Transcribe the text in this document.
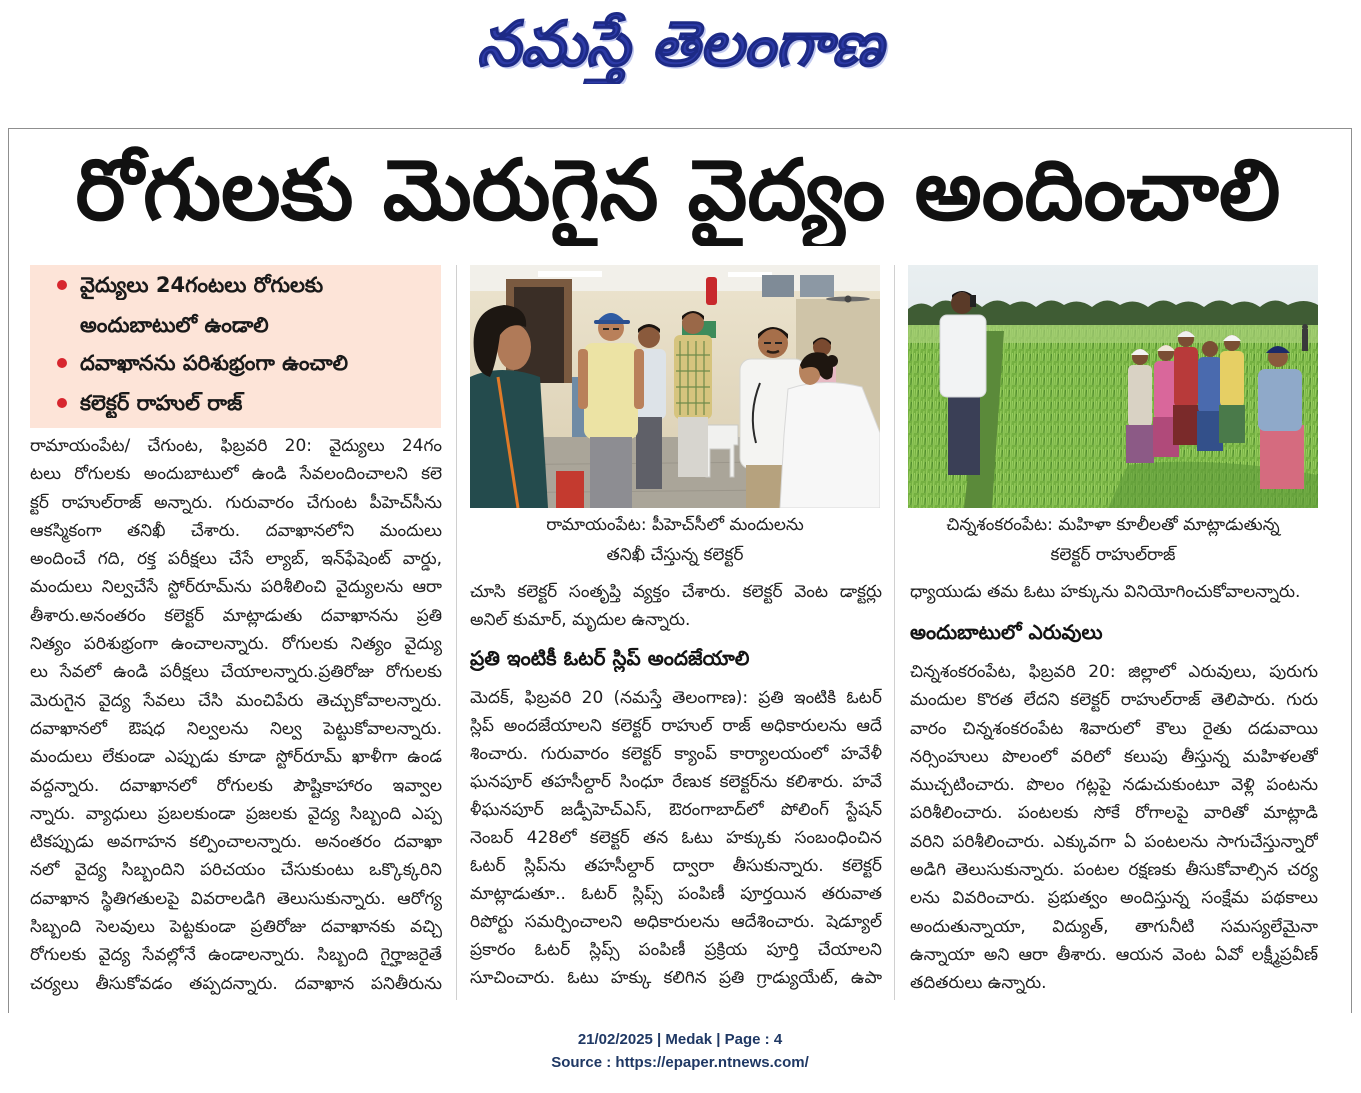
నమస్తే తెలంగాణ
రోగులకు మెరుగైన వైద్యం అందించాలి
వైద్యులు 24గంటలు రోగులకు
అందుబాటులో ఉండాలి
దవాఖానను పరిశుభ్రంగా ఉంచాలి
కలెక్టర్ రాహుల్ రాజ్
రామాయంపేట/ చేగుంట, ఫిబ్రవరి 20: వైద్యులు 24గం
టలు రోగులకు అందుబాటులో ఉండి సేవలందించాలని కలె
క్టర్ రాహుల్‌రాజ్ అన్నారు. గురువారం చేగుంట పీహెచ్‌సీను
ఆకస్మికంగా తనిఖీ చేశారు. దవాఖానలోని మందులు
అందించే గది, రక్త పరీక్షలు చేసే ల్యాబ్, ఇన్‌ఫేషెంట్ వార్డు,
మందులు నిల్వచేసే స్టోర్‌రూమ్‌ను పరిశీలించి వైద్యులను ఆరా
తీశారు.అనంతరం కలెక్టర్ మాట్లాడుతు దవాఖానను ప్రతి
నిత్యం పరిశుభ్రంగా ఉంచాలన్నారు. రోగులకు నిత్యం వైద్యు
లు సేవలో ఉండి పరీక్షలు చేయాలన్నారు.ప్రతిరోజు రోగులకు
మెరుగైన వైద్య సేవలు చేసి మంచిపేరు తెచ్చుకోవాలన్నారు.
దవాఖానలో ఔషధ నిల్వలను నిల్వ పెట్టుకోవాలన్నారు.
మందులు లేకుండా ఎప్పుడు కూడా స్టోర్‌రూమ్ ఖాళీగా ఉండ
వద్దన్నారు. దవాఖానలో రోగులకు పౌష్టికాహారం ఇవ్వాల
న్నారు. వ్యాధులు ప్రబలకుండా ప్రజలకు వైద్య సిబ్బంది ఎప్ప
టికప్పుడు అవగాహన కల్పించాలన్నారు. అనంతరం దవాఖా
నలో వైద్య సిబ్బందిని పరిచయం చేసుకుంటు ఒక్కొక్కరిని
దవాఖాన స్థితిగతులపై వివరాలడిగి తెలుసుకున్నారు. ఆరోగ్య
సిబ్బంది సెలవులు పెట్టకుండా ప్రతిరోజు దవాఖానకు వచ్చి
రోగులకు వైద్య సేవల్లోనే ఉండాలన్నారు. సిబ్బంది గైర్హాజరైతే
చర్యలు తీసుకోవడం తప్పదన్నారు. దవాఖాన పనితీరును
రామాయంపేట: పీహెచ్‌సీలో మందులను
తనిఖీ చేస్తున్న కలెక్టర్
చూసి కలెక్టర్ సంతృప్తి వ్యక్తం చేశారు. కలెక్టర్ వెంట డాక్టర్లు
అనిల్ కుమార్, మృదుల ఉన్నారు.
ప్రతి ఇంటికీ ఓటర్ స్లిప్ అందజేయాలి
మెదక్, ఫిబ్రవరి 20 (నమస్తే తెలంగాణ): ప్రతి ఇంటికి ఓటర్
స్లిప్ అందజేయాలని కలెక్టర్ రాహుల్ రాజ్ అధికారులను ఆదే
శించారు. గురువారం కలెక్టర్ క్యాంప్ కార్యాలయంలో హవేళీ
ఘనపూర్ తహసీల్దార్ సింధూ రేణుక కలెక్టర్‌ను కలిశారు. హవే
ళీఘనపూర్ జడ్పీహెచ్‌ఎస్, ఔరంగాబాద్‌లో పోలింగ్ స్టేషన్
నెంబర్ 428లో కలెక్టర్ తన ఓటు హక్కుకు సంబంధించిన
ఓటర్ స్లిప్‌ను తహసీల్దార్ ద్వారా తీసుకున్నారు. కలెక్టర్
మాట్లాడుతూ.. ఓటర్ స్లిప్స్ పంపిణీ పూర్తయిన తరువాత
రిపోర్టు సమర్పించాలని అధికారులను ఆదేశించారు. షెడ్యూల్
ప్రకారం ఓటర్ స్లిప్స్ పంపిణీ ప్రక్రియ పూర్తి చేయాలని
సూచించారు. ఓటు హక్కు కలిగిన ప్రతి గ్రాడ్యుయేట్, ఉపా
చిన్నశంకరంపేట: మహిళా కూలీలతో మాట్లాడుతున్న
కలెక్టర్ రాహుల్‌రాజ్
ధ్యాయుడు తమ ఓటు హక్కును వినియోగించుకోవాలన్నారు.
అందుబాటులో ఎరువులు
చిన్నశంకరంపేట, ఫిబ్రవరి 20: జిల్లాలో ఎరువులు, పురుగు
మందుల కొరత లేదని కలెక్టర్ రాహుల్‌రాజ్ తెలిపారు. గురు
వారం చిన్నశంకరంపేట శివారులో కౌలు రైతు దడువాయి
నర్సింహులు పొలంలో వరిలో కలుపు తీస్తున్న మహిళలతో
ముచ్చటించారు. పొలం గట్లపై నడుచుకుంటూ వెళ్లి పంటను
పరిశీలించారు. పంటలకు సోకే రోగాలపై వారితో మాట్లాడి
వరిని పరిశీలించారు. ఎక్కువగా ఏ పంటలను సాగుచేస్తున్నారో
అడిగి తెలుసుకున్నారు. పంటల రక్షణకు తీసుకోవాల్సిన చర్య
లను వివరించారు. ప్రభుత్వం అందిస్తున్న సంక్షేమ పథకాలు
అందుతున్నాయా, విద్యుత్, తాగునీటి సమస్యలేమైనా
ఉన్నాయా అని ఆరా తీశారు. ఆయన వెంట ఏవో లక్ష్మీప్రవీణ్
తదితరులు ఉన్నారు.
21/02/2025 | Medak | Page : 4
Source : https://epaper.ntnews.com/
